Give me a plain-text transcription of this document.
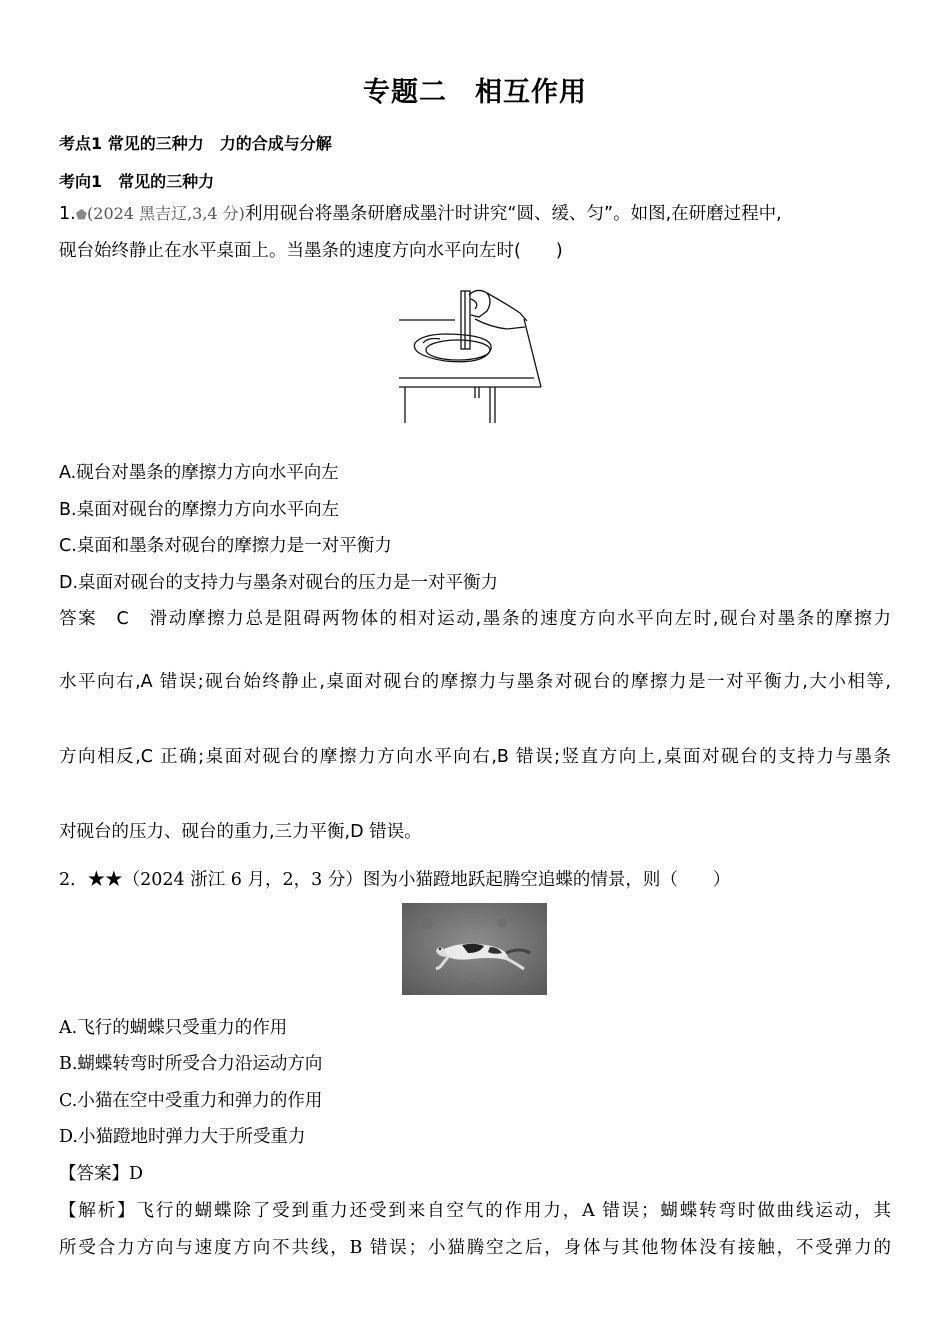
专题二　相互作用
考点1 常见的三种力　力的合成与分解
考向1　常见的三种力
1.⬟(2024 黑吉辽,3,4 分)利用砚台将墨条研磨成墨汁时讲究“圆、缓、匀”。如图,在研磨过程中,
砚台始终静止在水平桌面上。当墨条的速度方向水平向左时(　　)
A.砚台对墨条的摩擦力方向水平向左
B.桌面对砚台的摩擦力方向水平向左
C.桌面和墨条对砚台的摩擦力是一对平衡力
D.桌面对砚台的支持力与墨条对砚台的压力是一对平衡力
答案　C　滑动摩擦力总是阻碍两物体的相对运动,墨条的速度方向水平向左时,砚台对墨条的摩擦力
水平向右,A 错误;砚台始终静止,桌面对砚台的摩擦力与墨条对砚台的摩擦力是一对平衡力,大小相等,
方向相反,C 正确;桌面对砚台的摩擦力方向水平向右,B 错误;竖直方向上,桌面对砚台的支持力与墨条
对砚台的压力、砚台的重力,三力平衡,D 错误。
2．★★（2024 浙江 6 月，2，3 分）图为小猫蹬地跃起腾空追蝶的情景，则（　　）
A.飞行的蝴蝶只受重力的作用
B.蝴蝶转弯时所受合力沿运动方向
C.小猫在空中受重力和弹力的作用
D.小猫蹬地时弹力大于所受重力
【答案】D
【解析】飞行的蝴蝶除了受到重力还受到来自空气的作用力，A 错误；蝴蝶转弯时做曲线运动，其
所受合力方向与速度方向不共线，B 错误；小猫腾空之后，身体与其他物体没有接触，不受弹力的
